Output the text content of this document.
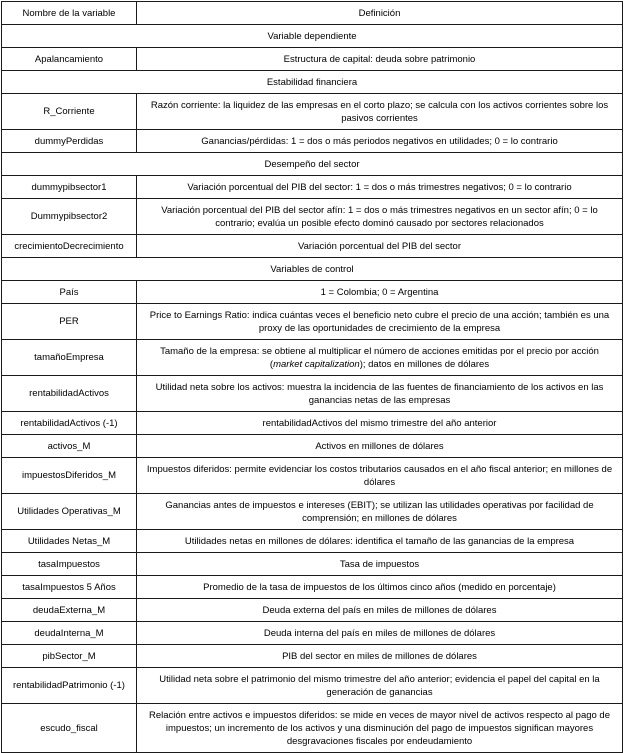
Nombre de la variable	Definición
Variable dependiente	
Apalancamiento	Estructura de capital: deuda sobre patrimonio
Estabilidad financiera	
R_Corriente	Razón corriente: la liquidez de las empresas en el corto plazo; se calcula con los activos corrientes sobre los pasivos corrientes
dummyPerdidas	Ganancias/pérdidas: 1 = dos o más periodos negativos en utilidades; 0 = lo contrario
Desempeño del sector	
dummypibsector1	Variación porcentual del PIB del sector: 1 = dos o más trimestres negativos; 0 = lo contrario
Dummypibsector2	Variación porcentual del PIB del sector afín: 1 = dos o más trimestres negativos en un sector afín; 0 = lo contrario; evalúa un posible efecto dominó causado por sectores relacionados
crecimientoDecrecimiento	Variación porcentual del PIB del sector
Variables de control	
País	1 = Colombia; 0 = Argentina
PER	Price to Earnings Ratio: indica cuántas veces el beneficio neto cubre el precio de una acción; también es una proxy de las oportunidades de crecimiento de la empresa
tamañoEmpresa	Tamaño de la empresa: se obtiene al multiplicar el número de acciones emitidas por el precio por acción (market capitalization); datos en millones de dólares
rentabilidadActivos	Utilidad neta sobre los activos: muestra la incidencia de las fuentes de financiamiento de los activos en las ganancias netas de las empresas
rentabilidadActivos (-1)	rentabilidadActivos del mismo trimestre del año anterior
activos_M	Activos en millones de dólares
impuestosDiferidos_M	Impuestos diferidos: permite evidenciar los costos tributarios causados en el año fiscal anterior; en millones de dólares
Utilidades Operativas_M	Ganancias antes de impuestos e intereses (EBIT); se utilizan las utilidades operativas por facilidad de comprensión; en millones de dólares
Utilidades Netas_M	Utilidades netas en millones de dólares: identifica el tamaño de las ganancias de la empresa
tasaImpuestos	Tasa de impuestos
tasaImpuestos 5 Años	Promedio de la tasa de impuestos de los últimos cinco años (medido en porcentaje)
deudaExterna_M	Deuda externa del país en miles de millones de dólares
deudaInterna_M	Deuda interna del país en miles de millones de dólares
pibSector_M	PIB del sector en miles de millones de dólares
rentabilidadPatrimonio (-1)	Utilidad neta sobre el patrimonio del mismo trimestre del año anterior; evidencia el papel del capital en la generación de ganancias
escudo_fiscal	Relación entre activos e impuestos diferidos: se mide en veces de mayor nivel de activos respecto al pago de impuestos; un incremento de los activos y una disminución del pago de impuestos significan mayores desgravaciones fiscales por endeudamiento
